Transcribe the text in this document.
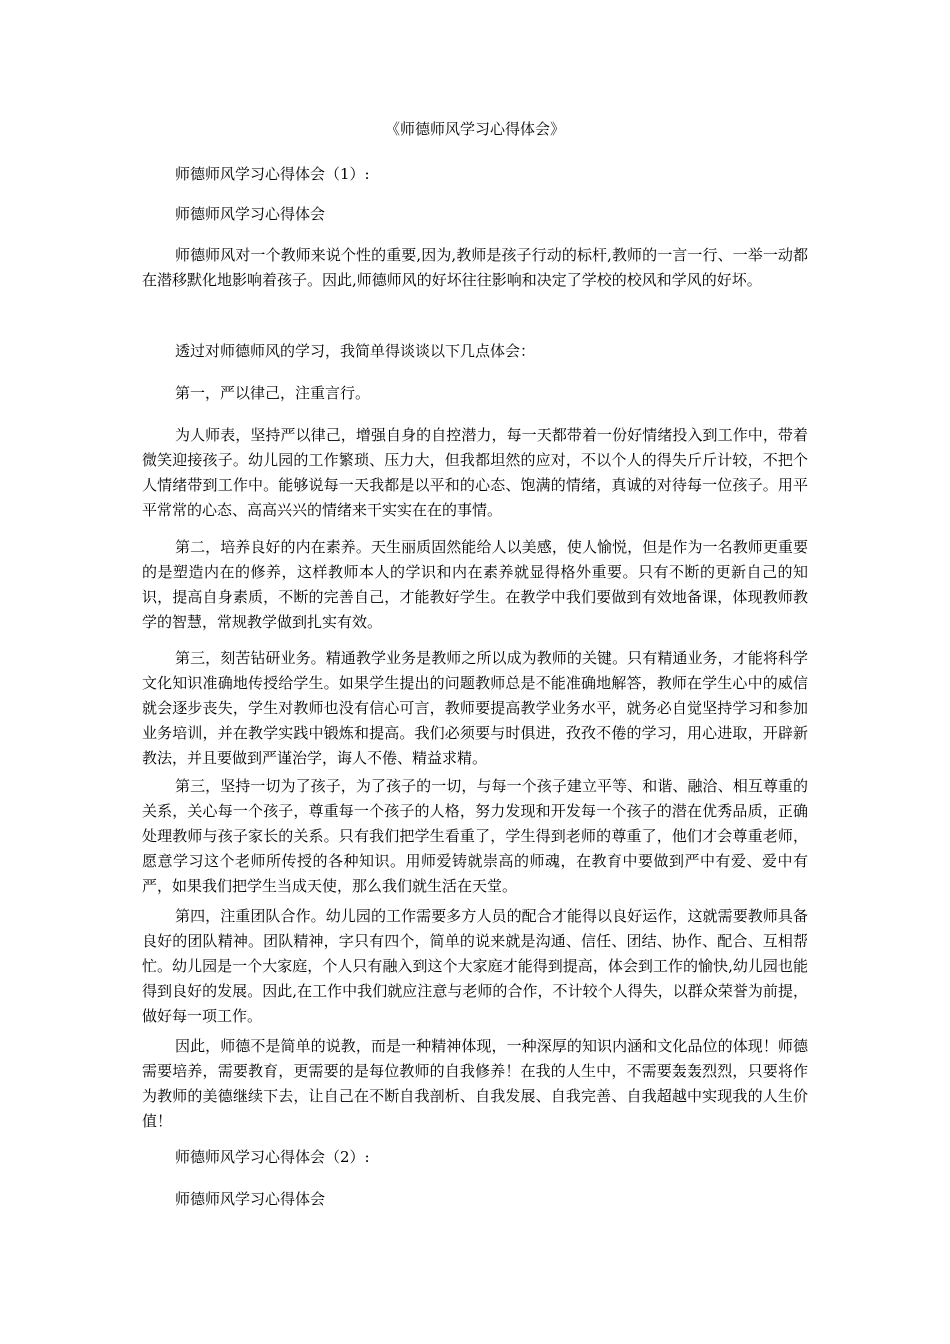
《师德师风学习心得体会》

师德师风学习心得体会（1）:

师德师风学习心得体会

师德师风对一个教师来说个性的重要,因为,教师是孩子行动的标杆,教师的一言一行、一举一动都在潜移默化地影响着孩子。因此,师德师风的好坏往往影响和决定了学校的校风和学风的好坏。

透过对师德师风的学习，我简单得谈谈以下几点体会：

第一，严以律己，注重言行。

为人师表，坚持严以律己，增强自身的自控潜力，每一天都带着一份好情绪投入到工作中，带着微笑迎接孩子。幼儿园的工作繁琐、压力大，但我都坦然的应对，不以个人的得失斤斤计较，不把个人情绪带到工作中。能够说每一天我都是以平和的心态、饱满的情绪，真诚的对待每一位孩子。用平平常常的心态、高高兴兴的情绪来干实实在在的事情。

第二，培养良好的内在素养。天生丽质固然能给人以美感，使人愉悦，但是作为一名教师更重要的是塑造内在的修养，这样教师本人的学识和内在素养就显得格外重要。只有不断的更新自己的知识，提高自身素质，不断的完善自己，才能教好学生。在教学中我们要做到有效地备课，体现教师教学的智慧，常规教学做到扎实有效。

第三，刻苦钻研业务。精通教学业务是教师之所以成为教师的关键。只有精通业务，才能将科学文化知识准确地传授给学生。如果学生提出的问题教师总是不能准确地解答，教师在学生心中的威信就会逐步丧失，学生对教师也没有信心可言，教师要提高教学业务水平，就务必自觉坚持学习和参加业务培训，并在教学实践中锻炼和提高。我们必须要与时俱进，孜孜不倦的学习，用心进取，开辟新教法，并且要做到严谨治学，诲人不倦、精益求精。

第三，坚持一切为了孩子，为了孩子的一切，与每一个孩子建立平等、和谐、融洽、相互尊重的关系，关心每一个孩子，尊重每一个孩子的人格，努力发现和开发每一个孩子的潜在优秀品质，正确处理教师与孩子家长的关系。只有我们把学生看重了，学生得到老师的尊重了，他们才会尊重老师，愿意学习这个老师所传授的各种知识。用师爱铸就崇高的师魂，在教育中要做到严中有爱、爱中有严，如果我们把学生当成天使，那么我们就生活在天堂。

第四，注重团队合作。幼儿园的工作需要多方人员的配合才能得以良好运作，这就需要教师具备良好的团队精神。团队精神，字只有四个，简单的说来就是沟通、信任、团结、协作、配合、互相帮忙。幼儿园是一个大家庭，个人只有融入到这个大家庭才能得到提高，体会到工作的愉快,幼儿园也能得到良好的发展。因此,在工作中我们就应注意与老师的合作，不计较个人得失，以群众荣誉为前提，做好每一项工作。

因此，师德不是简单的说教，而是一种精神体现，一种深厚的知识内涵和文化品位的体现！师德需要培养，需要教育，更需要的是每位教师的自我修养！在我的人生中，不需要轰轰烈烈，只要将作为教师的美德继续下去，让自己在不断自我剖析、自我发展、自我完善、自我超越中实现我的人生价值！

师德师风学习心得体会（2）:

师德师风学习心得体会
